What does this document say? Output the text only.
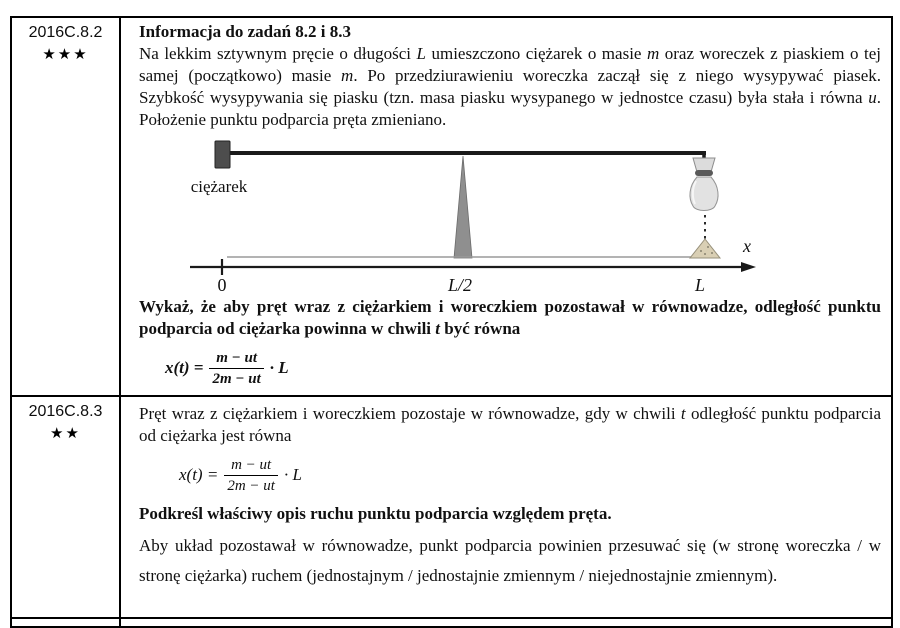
2016C.8.2
★★★

Informacja do zadań 8.2 i 8.3

Na lekkim sztywnym pręcie o długości L umieszczono ciężarek o masie m oraz woreczek z piaskiem o tej samej (początkowo) masie m. Po przedziurawieniu woreczka zaczął się z niego wysypywać piasek. Szybkość wysypywania się piasku (tzn. masa piasku wysypanego w jednostce czasu) była stała i równa u. Położenie punktu podparcia pręta zmieniano.

ciężarek
0	L/2	L
x

Wykaż, że aby pręt wraz z ciężarkiem i woreczkiem pozostawał w równowadze, odległość punktu podparcia od ciężarka powinna w chwili t być równa

$x(t) = \frac{m - ut}{2m - ut} \cdot L$
2016C.8.3
★★

Pręt wraz z ciężarkiem i woreczkiem pozostaje w równowadze, gdy w chwili t odległość punktu podparcia od ciężarka jest równa

$x(t) = \frac{m - ut}{2m - ut} \cdot L$

Podkreśl właściwy opis ruchu punktu podparcia względem pręta.

Aby układ pozostawał w równowadze, punkt podparcia powinien przesuwać się (w stronę woreczka / w stronę ciężarka) ruchem (jednostajnym / jednostajnie zmiennym / niejednostajnie zmiennym).
